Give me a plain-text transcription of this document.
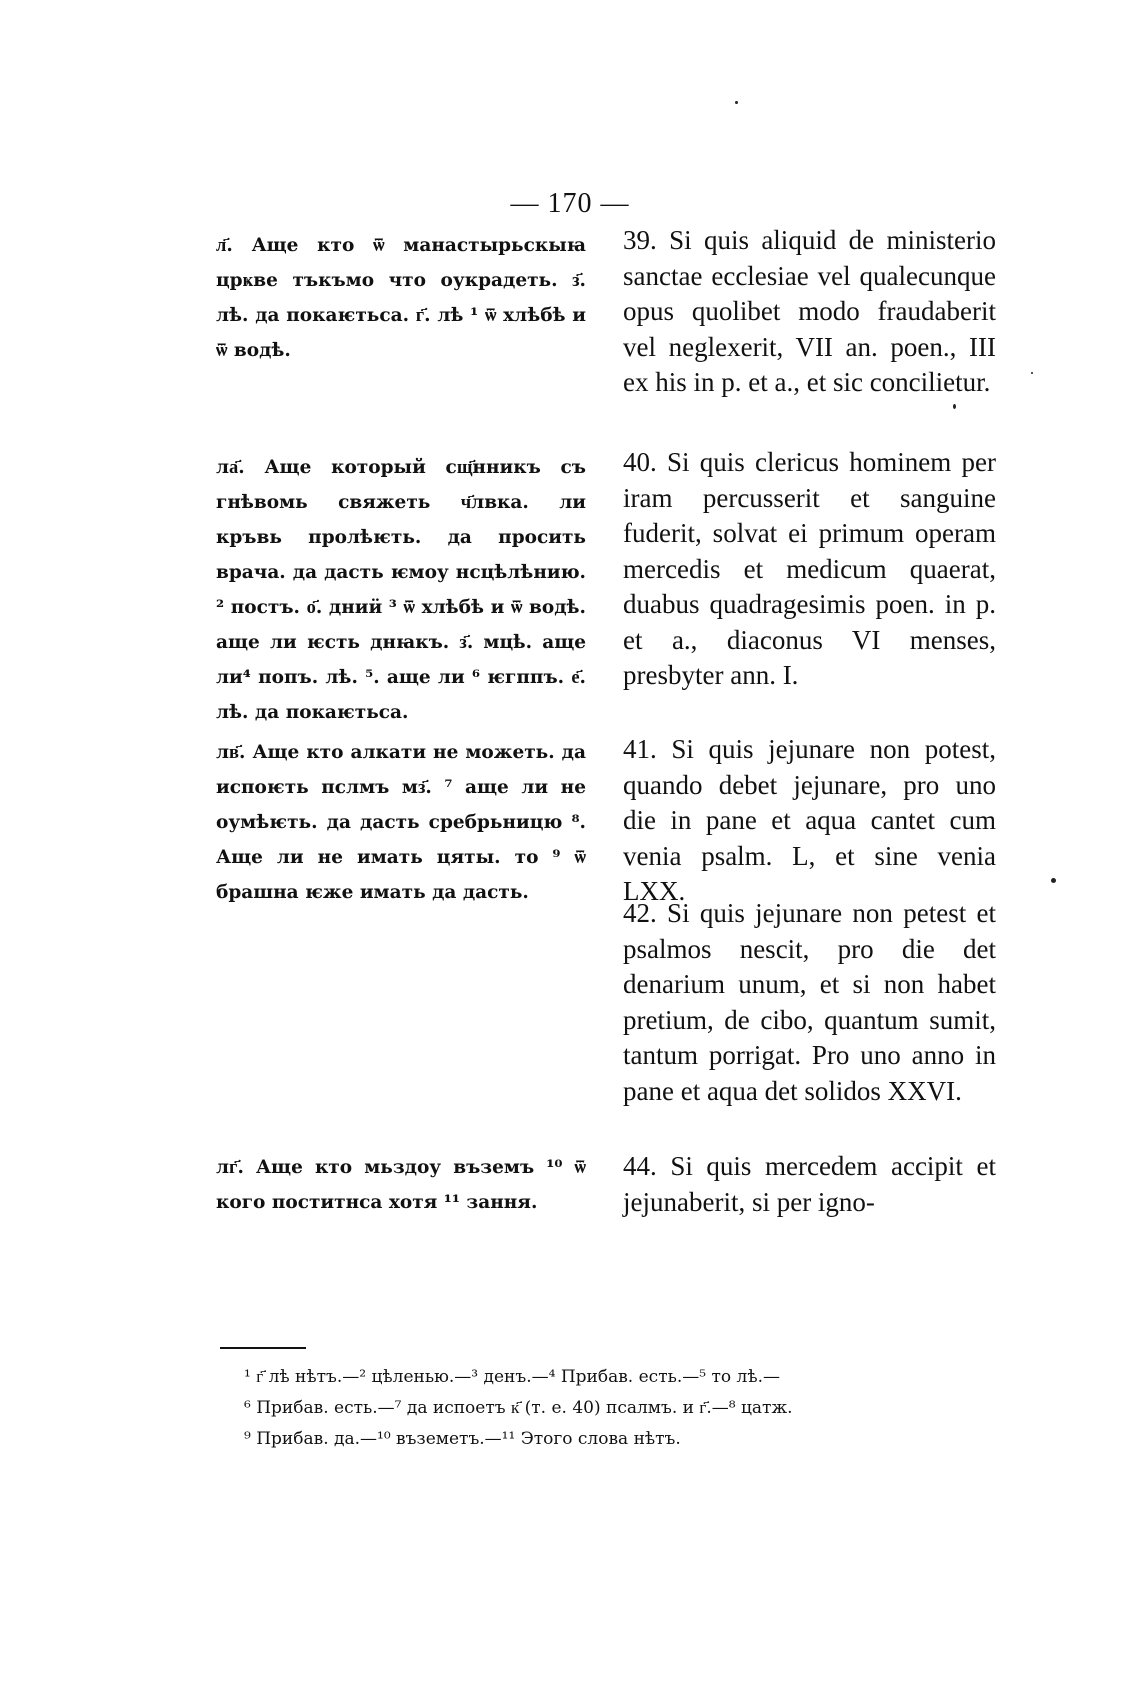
— 170 —
л҃. Аще кто ѿ манастырьскыꙗ црҝве тъкъмо что оукрадеть. з҃. лѣ. да покаѥтьса. г҃. лѣ ¹ ѿ хлѣбѣ и ѿ водѣ.
ла҃. Аще который сщ҃нникъ съ гнѣвомь свяжеть ч҃лвка. ли кръвь пролѣѥть. да просить врача. да дасть ѥмоу нсцѣлѣнию. ² постъ. о҃. дниӥ ³ ѿ хлѣбѣ и ѿ водѣ. аще ли ѥсть днꙗкъ. з҃. мцҍ. аще ли⁴ попъ. лѣ. ⁵. аще ли ⁶ ѥгппъ. е҃. лѣ. да покаѥтьса.
лв҃. Аще кто алкати не можеть. да испоѥть пслмъ мз҃. ⁷ аще ли не оумѣѥть. да дасть сребрьницю ⁸. Аще ли не имать цяты. то ⁹ ѿ брашна ѥже имать да дасть.
лг҃. Аще кто мьздоу въземъ ¹⁰ ѿ кого поститнса хотя ¹¹ зання.
39. Si quis aliquid de ministerio sanctae ecclesiae vel qualecunque opus quolibet modo fraudaberit vel neglexerit, VII an. poen., III ex his in p. et a., et sic concilietur.
40. Si quis clericus hominem per iram percusserit et sanguine fuderit, solvat ei primum operam mercedis et medicum quaerat, duabus quadragesimis poen. in p. et a., diaconus VI menses, presbyter ann. I.
41. Si quis jejunare non potest, quando debet jejunare, pro uno die in pane et aqua cantet cum venia psalm. L, et sine venia LXX.
42. Si quis jejunare non petest et psalmos nescit, pro die det denarium unum, et si non habet pretium, de cibo, quantum sumit, tantum porrigat. Pro uno anno in pane et aqua det solidos XXVI.
44. Si quis mercedem accipit et jejunaberit, si per igno-

¹ г҃ лѣ нѣтъ.—² цѣленью.—³ денъ.—⁴ Прибав. есть.—⁵ то лѣ.—

⁶ Прибав. есть.—⁷ да испоетъ к҃ (т. е. 40) псалмъ. и г҃.—⁸ цатж.

⁹ Прибав. да.—¹⁰ въземетъ.—¹¹ Этого слова нѣтъ.
